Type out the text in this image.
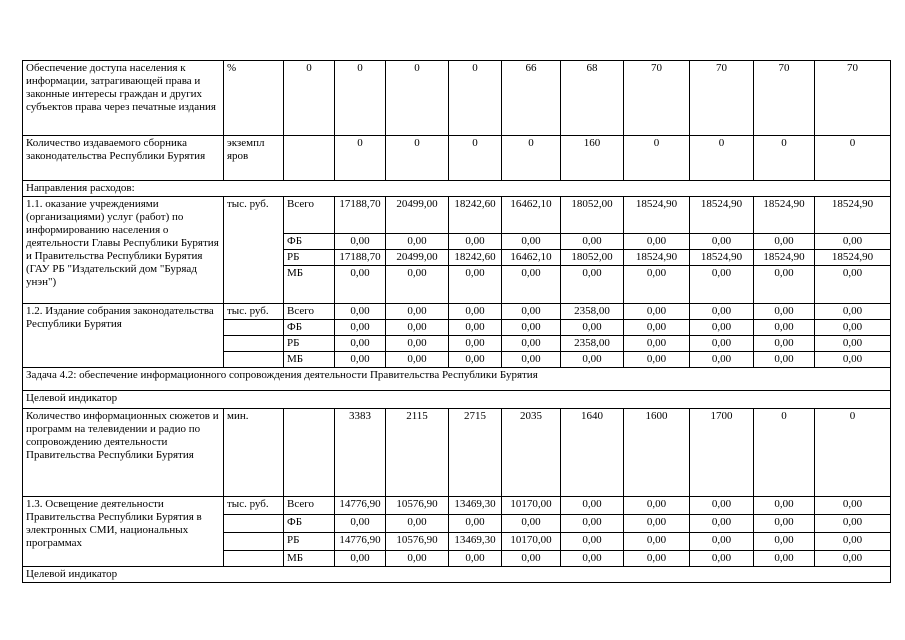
Обеспечение доступа населения к информации, затрагивающей права и законные интересы граждан и других субъектов права через печатные издания	%	0	0	0	0	66	68	70	70	70	70
Количество издаваемого сборника законодательства Республики Бурятия	экземпл яров		0	0	0	0	160	0	0	0	0
Направления расходов:											
1.1. оказание учреждениями (организациями) услуг (работ) по информированию населения о деятельности Главы Республики Бурятия и Правительства Республики Бурятия (ГАУ РБ "Издательский дом "Буряад унэн")	тыс. руб.	Всего	17188,70	20499,00	18242,60	16462,10	18052,00	18524,90	18524,90	18524,90	18524,90
		ФБ	0,00	0,00	0,00	0,00	0,00	0,00	0,00	0,00	0,00
		РБ	17188,70	20499,00	18242,60	16462,10	18052,00	18524,90	18524,90	18524,90	18524,90
		МБ	0,00	0,00	0,00	0,00	0,00	0,00	0,00	0,00	0,00
1.2. Издание собрания законодательства Республики Бурятия	тыс. руб.	Всего	0,00	0,00	0,00	0,00	2358,00	0,00	0,00	0,00	0,00
		ФБ	0,00	0,00	0,00	0,00	0,00	0,00	0,00	0,00	0,00
		РБ	0,00	0,00	0,00	0,00	2358,00	0,00	0,00	0,00	0,00
		МБ	0,00	0,00	0,00	0,00	0,00	0,00	0,00	0,00	0,00
Задача 4.2: обеспечение информационного сопровождения деятельности Правительства Республики Бурятия											
Целевой индикатор											
Количество информационных сюжетов и программ на телевидении и радио по сопровождению деятельности Правительства Республики Бурятия	мин.		3383	2115	2715	2035	1640	1600	1700	0	0
1.3. Освещение деятельности Правительства Республики Бурятия в электронных СМИ, национальных программах	тыс. руб.	Всего	14776,90	10576,90	13469,30	10170,00	0,00	0,00	0,00	0,00	0,00
		ФБ	0,00	0,00	0,00	0,00	0,00	0,00	0,00	0,00	0,00
		РБ	14776,90	10576,90	13469,30	10170,00	0,00	0,00	0,00	0,00	0,00
		МБ	0,00	0,00	0,00	0,00	0,00	0,00	0,00	0,00	0,00
Целевой индикатор											
